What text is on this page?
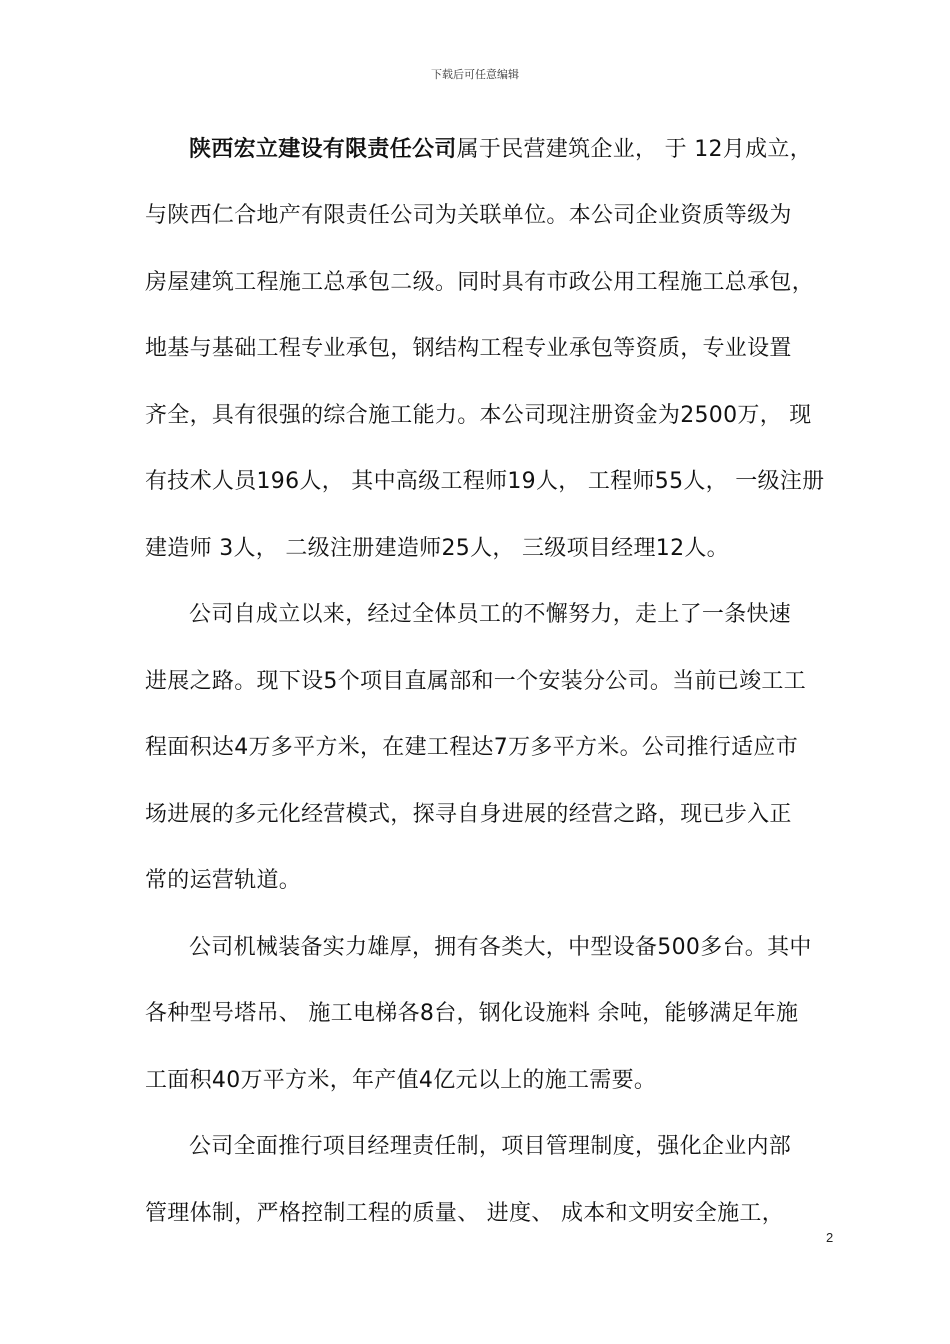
下载后可任意编辑
陕西宏立建设有限责任公司属于民营建筑企业， 于 12月成立，
与陕西仁合地产有限责任公司为关联单位。本公司企业资质等级为
房屋建筑工程施工总承包二级。同时具有市政公用工程施工总承包，
地基与基础工程专业承包，钢结构工程专业承包等资质，专业设置
齐全，具有很强的综合施工能力。本公司现注册资金为2500万， 现
有技术人员196人， 其中高级工程师19人， 工程师55人， 一级注册
建造师 3人， 二级注册建造师25人， 三级项目经理12人。
公司自成立以来，经过全体员工的不懈努力，走上了一条快速
进展之路。现下设5个项目直属部和一个安装分公司。当前已竣工工
程面积达4万多平方米，在建工程达7万多平方米。公司推行适应市
场进展的多元化经营模式，探寻自身进展的经营之路，现已步入正
常的运营轨道。
公司机械装备实力雄厚，拥有各类大，中型设备500多台。其中
各种型号塔吊、 施工电梯各8台，钢化设施料 余吨，能够满足年施
工面积40万平方米，年产值4亿元以上的施工需要。
公司全面推行项目经理责任制，项目管理制度，强化企业内部
管理体制，严格控制工程的质量、 进度、 成本和文明安全施工，
2
